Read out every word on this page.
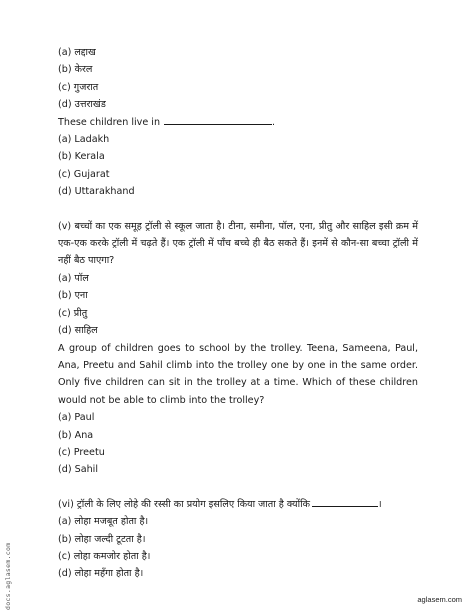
(a) लद्दाख
(b) केरल
(c) गुजरात
(d) उत्तराखंड
These children live in	.
(a) Ladakh
(b) Kerala
(c) Gujarat
(d) Uttarakhand
(v) बच्चों का एक समूह ट्रॉली से स्कूल जाता है। टीना, समीना, पॉल, एना, प्रीतु और साहिल इसी क्रम में एक-एक करके ट्रॉली में चढ़ते हैं। एक ट्रॉली में पाँच बच्चे ही बैठ सकते हैं। इनमें से कौन-सा बच्चा ट्रॉली में नहीं बैठ पाएगा?
(a) पॉल
(b) एना
(c) प्रीतु
(d) साहिल
A group of children goes to school by the trolley. Teena, Sameena, Paul, Ana, Preetu and Sahil climb into the trolley one by one in the same order. Only five children can sit in the trolley at a time. Which of these children would not be able to climb into the trolley?
(a) Paul
(b) Ana
(c) Preetu
(d) Sahil
(vi) ट्रॉली के लिए लोहे की रस्सी का प्रयोग इसलिए किया जाता है क्योंकि	।
(a) लोहा मजबूत होता है।
(b) लोहा जल्दी टूटता है।
(c) लोहा कमजोर होता है।
(d) लोहा महँगा होता है।
docs.aglasem.com	aglasem.com
